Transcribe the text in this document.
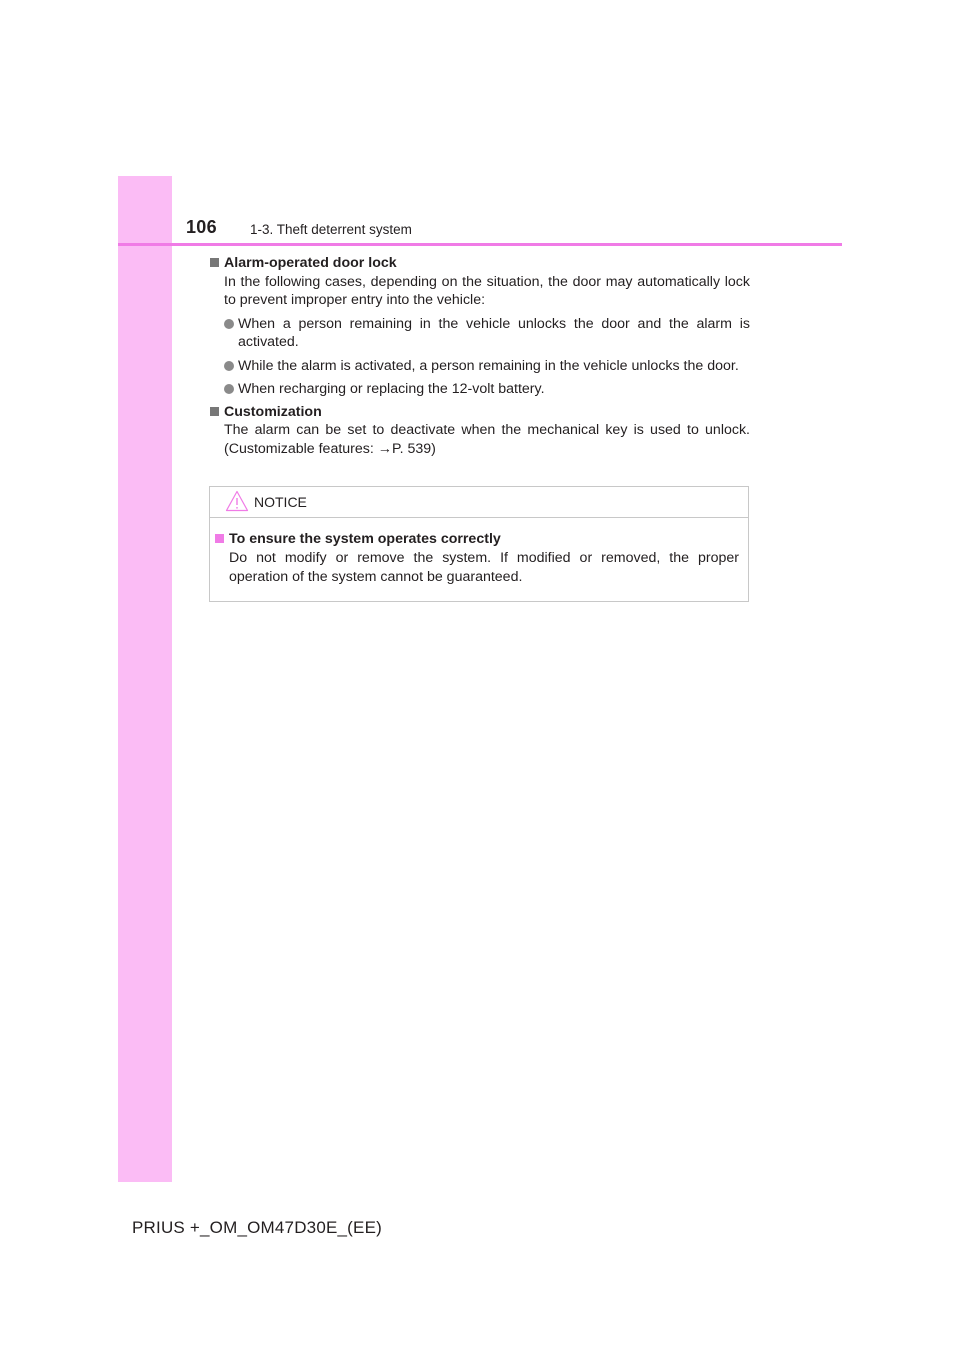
106 1-3. Theft deterrent system
Alarm-operated door lock
In the following cases, depending on the situation, the door may automatically lock to prevent improper entry into the vehicle:
When a person remaining in the vehicle unlocks the door and the alarm is activated.
While the alarm is activated, a person remaining in the vehicle unlocks the door.
When recharging or replacing the 12-volt battery.
Customization
The alarm can be set to deactivate when the mechanical key is used to unlock. (Customizable features: →P. 539)
NOTICE
To ensure the system operates correctly
Do not modify or remove the system. If modified or removed, the proper operation of the system cannot be guaranteed.
PRIUS +_OM_OM47D30E_(EE)
